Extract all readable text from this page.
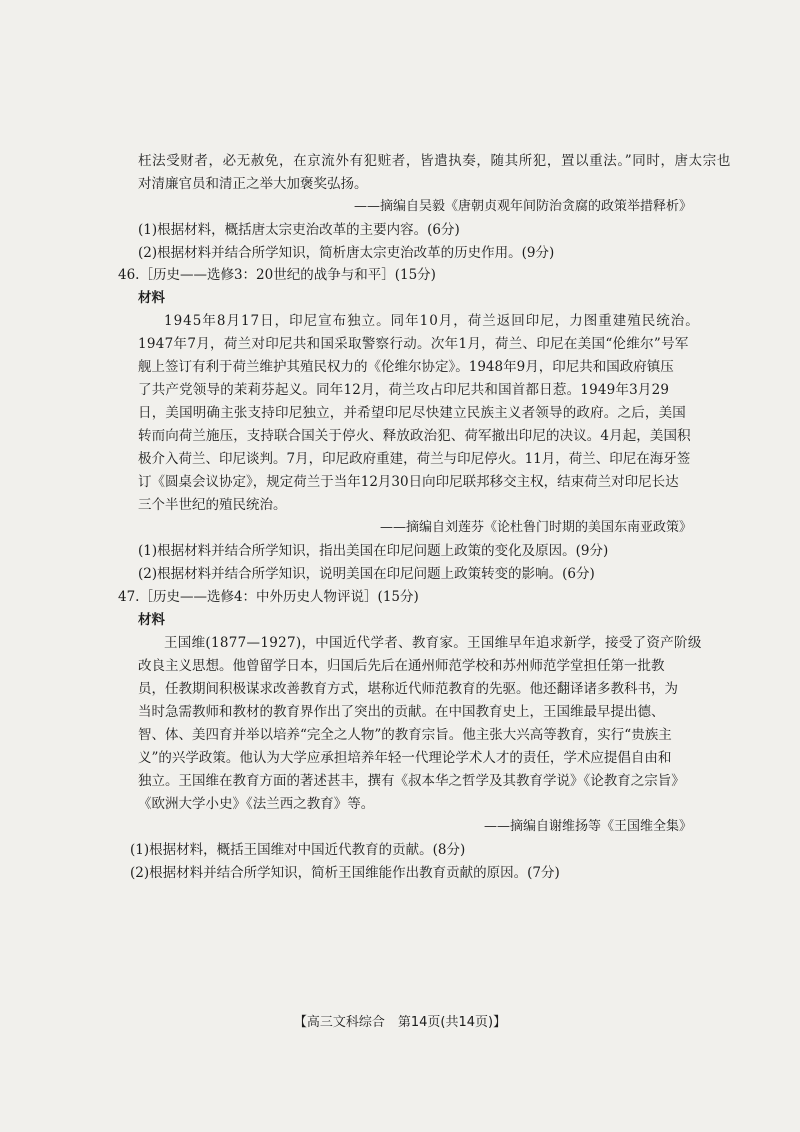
枉法受财者，必无赦免，在京流外有犯赃者，皆遣执奏，随其所犯，置以重法。”同时，唐太宗也
对清廉官员和清正之举大加褒奖弘扬。
——摘编自吴毅《唐朝贞观年间防治贪腐的政策举措释析》
(1)根据材料，概括唐太宗吏治改革的主要内容。(6分)
(2)根据材料并结合所学知识，简析唐太宗吏治改革的历史作用。(9分)
46.［历史——选修3：20世纪的战争与和平］(15分)
材料
1945年8月17日，印尼宣布独立。同年10月，荷兰返回印尼，力图重建殖民统治。
1947年7月，荷兰对印尼共和国采取警察行动。次年1月，荷兰、印尼在美国“伦维尔”号军
舰上签订有利于荷兰维护其殖民权力的《伦维尔协定》。1948年9月，印尼共和国政府镇压
了共产党领导的茉莉芬起义。同年12月，荷兰攻占印尼共和国首都日惹。1949年3月29
日，美国明确主张支持印尼独立，并希望印尼尽快建立民族主义者领导的政府。之后，美国
转而向荷兰施压，支持联合国关于停火、释放政治犯、荷军撤出印尼的决议。4月起，美国积
极介入荷兰、印尼谈判。7月，印尼政府重建，荷兰与印尼停火。11月，荷兰、印尼在海牙签
订《圆桌会议协定》，规定荷兰于当年12月30日向印尼联邦移交主权，结束荷兰对印尼长达
三个半世纪的殖民统治。
——摘编自刘莲芬《论杜鲁门时期的美国东南亚政策》
(1)根据材料并结合所学知识，指出美国在印尼问题上政策的变化及原因。(9分)
(2)根据材料并结合所学知识，说明美国在印尼问题上政策转变的影响。(6分)
47.［历史——选修4：中外历史人物评说］(15分)
材料
王国维(1877—1927)，中国近代学者、教育家。王国维早年追求新学，接受了资产阶级
改良主义思想。他曾留学日本，归国后先后在通州师范学校和苏州师范学堂担任第一批教
员，任教期间积极谋求改善教育方式，堪称近代师范教育的先驱。他还翻译诸多教科书，为
当时急需教师和教材的教育界作出了突出的贡献。在中国教育史上，王国维最早提出德、
智、体、美四育并举以培养“完全之人物”的教育宗旨。他主张大兴高等教育，实行“贵族主
义”的兴学政策。他认为大学应承担培养年轻一代理论学术人才的责任，学术应提倡自由和
独立。王国维在教育方面的著述甚丰，撰有《叔本华之哲学及其教育学说》《论教育之宗旨》
《欧洲大学小史》《法兰西之教育》等。
——摘编自谢维扬等《王国维全集》
(1)根据材料，概括王国维对中国近代教育的贡献。(8分)
(2)根据材料并结合所学知识，简析王国维能作出教育贡献的原因。(7分)
【高三文科综合　第14页(共14页)】
